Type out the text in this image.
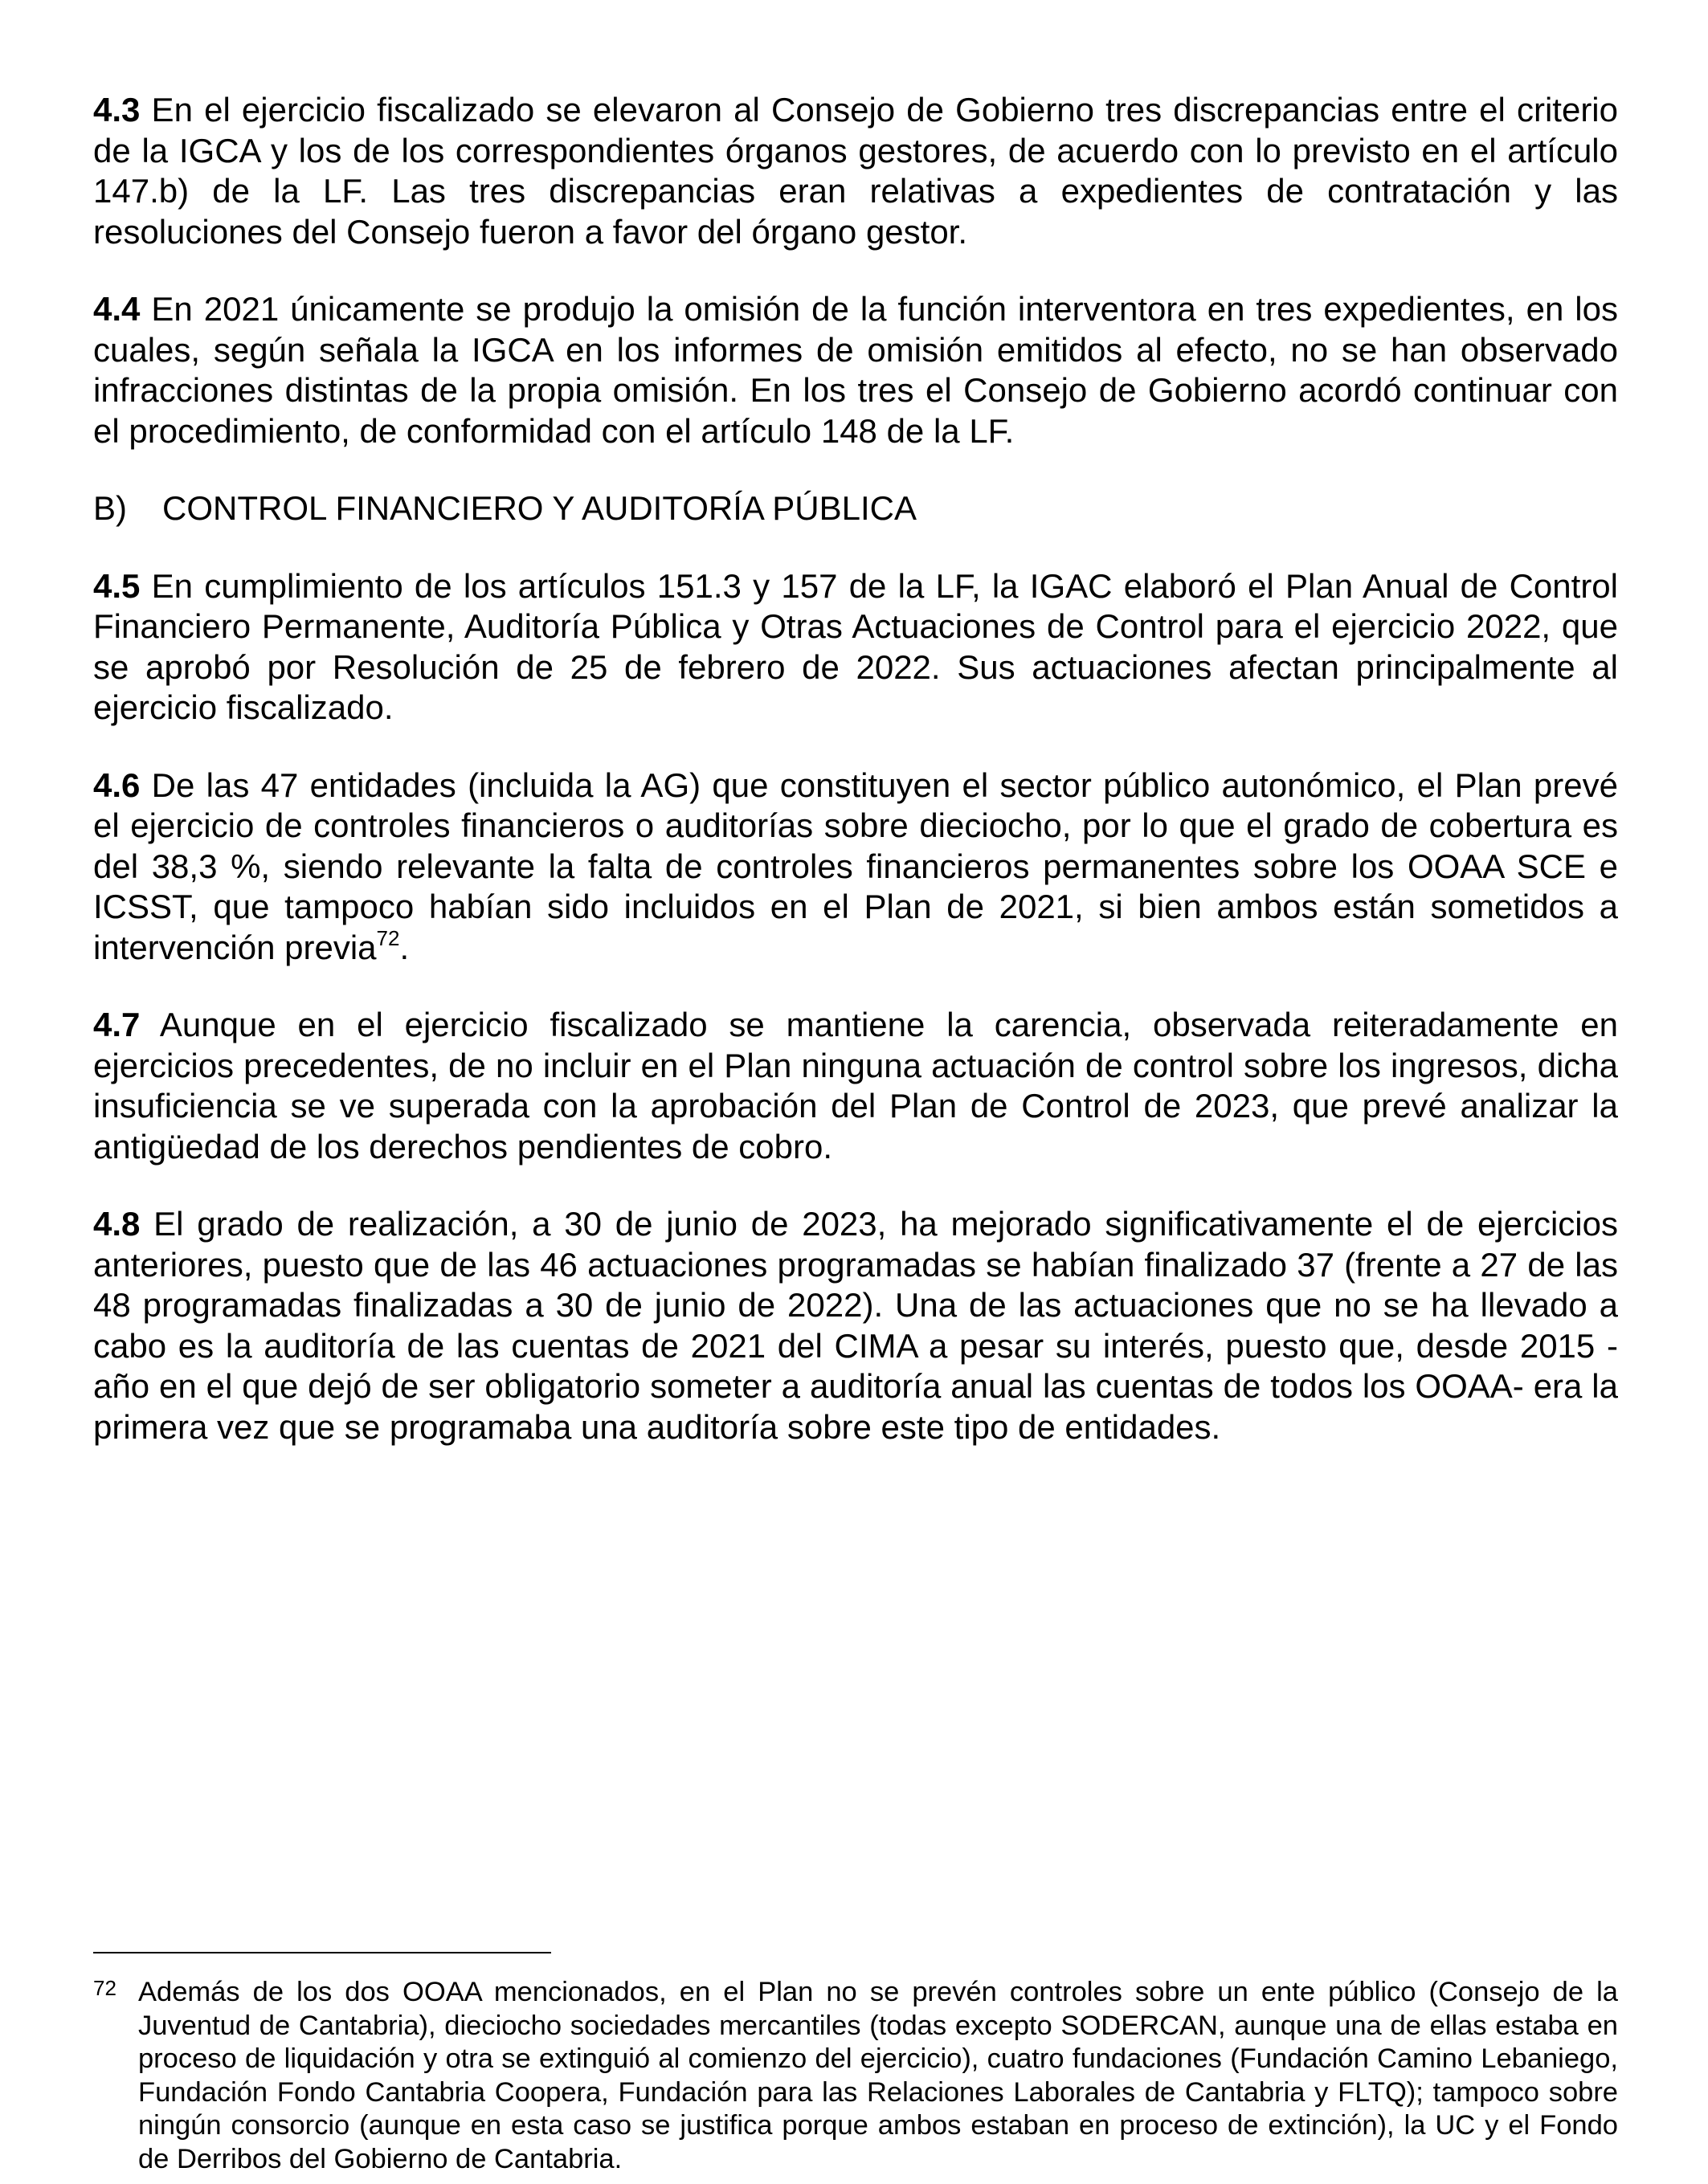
4.3 En el ejercicio fiscalizado se elevaron al Consejo de Gobierno tres discrepancias entre el criterio de la IGCA y los de los correspondientes órganos gestores, de acuerdo con lo previsto en el artículo 147.b) de la LF. Las tres discrepancias eran relativas a expedientes de contratación y las resoluciones del Consejo fueron a favor del órgano gestor.

4.4 En 2021 únicamente se produjo la omisión de la función interventora en tres expedientes, en los cuales, según señala la IGCA en los informes de omisión emitidos al efecto, no se han observado infracciones distintas de la propia omisión. En los tres el Consejo de Gobierno acordó continuar con el procedimiento, de conformidad con el artículo 148 de la LF.

B) CONTROL FINANCIERO Y AUDITORÍA PÚBLICA

4.5 En cumplimiento de los artículos 151.3 y 157 de la LF, la IGAC elaboró el Plan Anual de Control Financiero Permanente, Auditoría Pública y Otras Actuaciones de Control para el ejercicio 2022, que se aprobó por Resolución de 25 de febrero de 2022. Sus actuaciones afectan principalmente al ejercicio fiscalizado.

4.6 De las 47 entidades (incluida la AG) que constituyen el sector público autonómico, el Plan prevé el ejercicio de controles financieros o auditorías sobre dieciocho, por lo que el grado de cobertura es del 38,3 %, siendo relevante la falta de controles financieros permanentes sobre los OOAA SCE e ICSST, que tampoco habían sido incluidos en el Plan de 2021, si bien ambos están sometidos a intervención previa$^{72}$.

4.7 Aunque en el ejercicio fiscalizado se mantiene la carencia, observada reiteradamente en ejercicios precedentes, de no incluir en el Plan ninguna actuación de control sobre los ingresos, dicha insuficiencia se ve superada con la aprobación del Plan de Control de 2023, que prevé analizar la antigüedad de los derechos pendientes de cobro.

4.8 El grado de realización, a 30 de junio de 2023, ha mejorado significativamente el de ejercicios anteriores, puesto que de las 46 actuaciones programadas se habían finalizado 37 (frente a 27 de las 48 programadas finalizadas a 30 de junio de 2022). Una de las actuaciones que no se ha llevado a cabo es la auditoría de las cuentas de 2021 del CIMA a pesar su interés, puesto que, desde 2015 -año en el que dejó de ser obligatorio someter a auditoría anual las cuentas de todos los OOAA- era la primera vez que se programaba una auditoría sobre este tipo de entidades.

72 Además de los dos OOAA mencionados, en el Plan no se prevén controles sobre un ente público (Consejo de la Juventud de Cantabria), dieciocho sociedades mercantiles (todas excepto SODERCAN, aunque una de ellas estaba en proceso de liquidación y otra se extinguió al comienzo del ejercicio), cuatro fundaciones (Fundación Camino Lebaniego, Fundación Fondo Cantabria Coopera, Fundación para las Relaciones Laborales de Cantabria y FLTQ); tampoco sobre ningún consorcio (aunque en esta caso se justifica porque ambos estaban en proceso de extinción), la UC y el Fondo de Derribos del Gobierno de Cantabria.
